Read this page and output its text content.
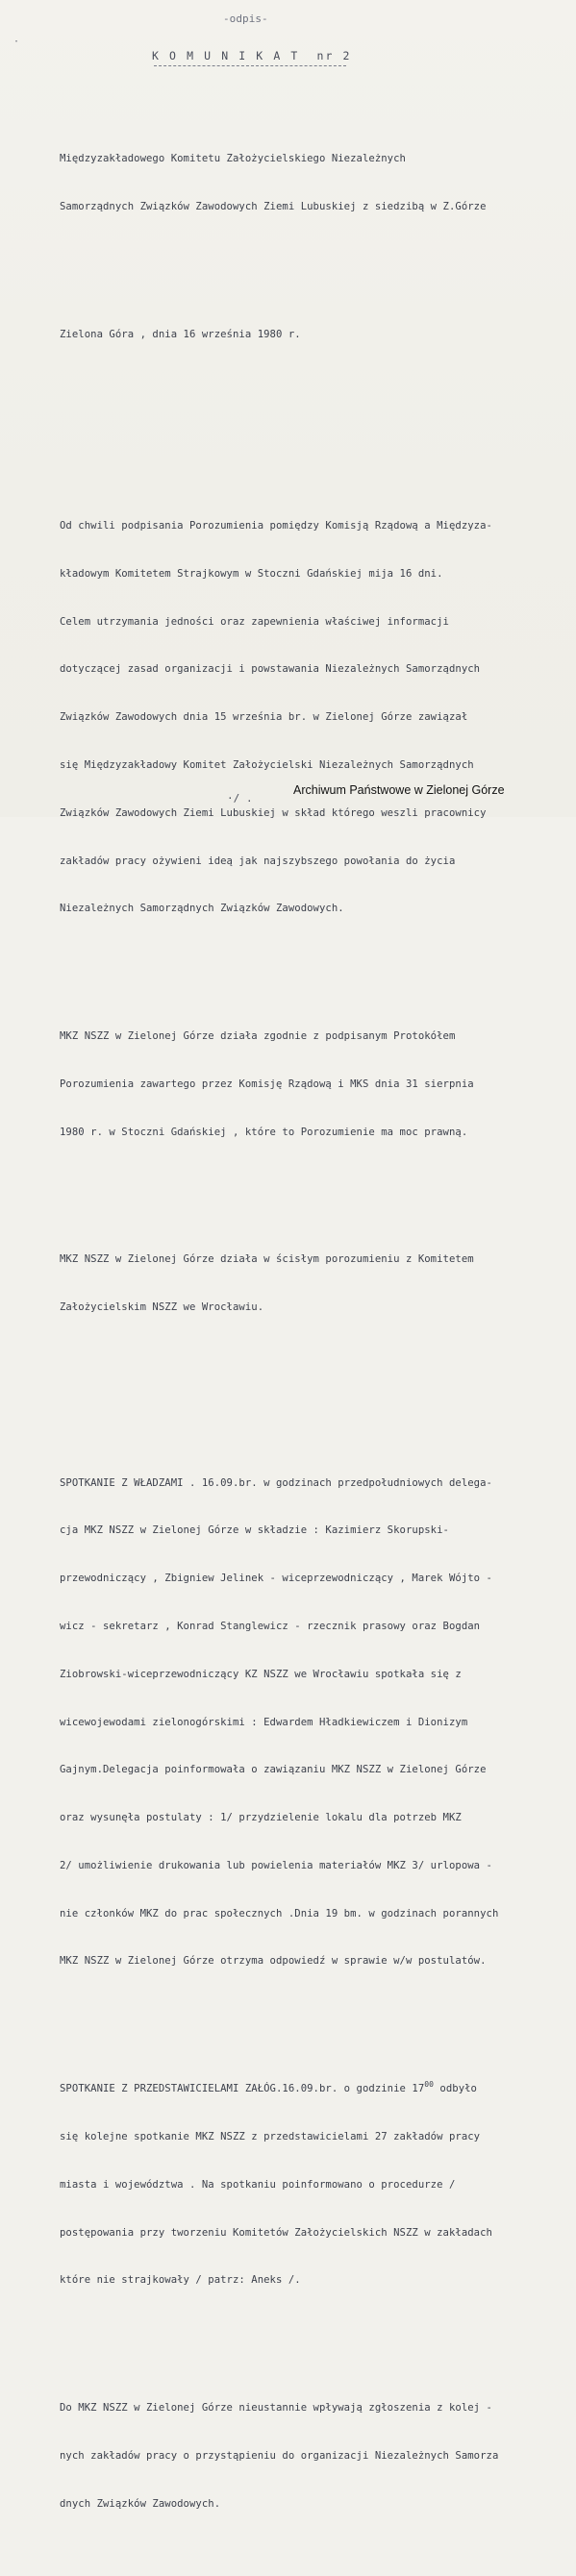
·
-odpis-
K O M U N I K A T  nr 2

Międzyzakładowego Komitetu Założycielskiego Niezależnych

Samorządnych Związków Zawodowych Ziemi Lubuskiej z siedzibą w Z.Górze

Zielona Góra , dnia 16 września 1980 r.

Od chwili podpisania Porozumienia pomiędzy Komisją Rządową a Międzyza-

kładowym Komitetem Strajkowym w Stoczni Gdańskiej mija 16 dni.

Celem utrzymania jedności oraz zapewnienia właściwej informacji

dotyczącej zasad organizacji i powstawania Niezależnych Samorządnych

Związków Zawodowych dnia 15 września br. w Zielonej Górze zawiązał

się Międzyzakładowy Komitet Założycielski Niezależnych Samorządnych

Związków Zawodowych Ziemi Lubuskiej w skład którego weszli pracownicy

zakładów pracy ożywieni ideą jak najszybszego powołania do życia

Niezależnych Samorządnych Związków Zawodowych.

MKZ NSZZ w Zielonej Górze działa zgodnie z podpisanym Protokółem

Porozumienia zawartego przez Komisję Rządową i MKS dnia 31 sierpnia

1980 r. w Stoczni Gdańskiej , które to Porozumienie ma moc prawną.

MKZ NSZZ w Zielonej Górze działa w ścisłym porozumieniu z Komitetem

Założycielskim NSZZ we Wrocławiu.

SPOTKANIE Z WŁADZAMI . 16.09.br. w godzinach przedpołudniowych delega-

cja MKZ NSZZ w Zielonej Górze w składzie : Kazimierz Skorupski-

przewodniczący , Zbigniew Jelinek - wiceprzewodniczący , Marek Wójto -

wicz - sekretarz , Konrad Stanglewicz - rzecznik prasowy oraz Bogdan

Ziobrowski-wiceprzewodniczący KZ NSZZ we Wrocławiu spotkała się z

wicewojewodami zielonogórskimi : Edwardem Hładkiewiczem i Dionizym

Gajnym.Delegacja poinformowała o zawiązaniu MKZ NSZZ w Zielonej Górze

oraz wysunęła postulaty : 1/ przydzielenie lokalu dla potrzeb MKZ

2/ umożliwienie drukowania lub powielenia materiałów MKZ 3/ urlopowa -

nie członków MKZ do prac społecznych .Dnia 19 bm. w godzinach porannych

MKZ NSZZ w Zielonej Górze otrzyma odpowiedź w sprawie w/w postulatów.

SPOTKANIE Z PRZEDSTAWICIELAMI ZAŁÓG.16.09.br. o godzinie $17^{00}$ odbyło

się kolejne spotkanie MKZ NSZZ z przedstawicielami 27 zakładów pracy

miasta i województwa . Na spotkaniu poinformowano o procedurze /

postępowania przy tworzeniu Komitetów Założycielskich NSZZ w zakładach

które nie strajkowały / patrz: Aneks /.

Do MKZ NSZZ w Zielonej Górze nieustannie wpływają zgłoszenia z kolej -

nych zakładów pracy o przystąpieniu do organizacji Niezależnych Samorza

dnych Związków Zawodowych.

·/ .
Archiwum Państwowe w Zielonej Górze
